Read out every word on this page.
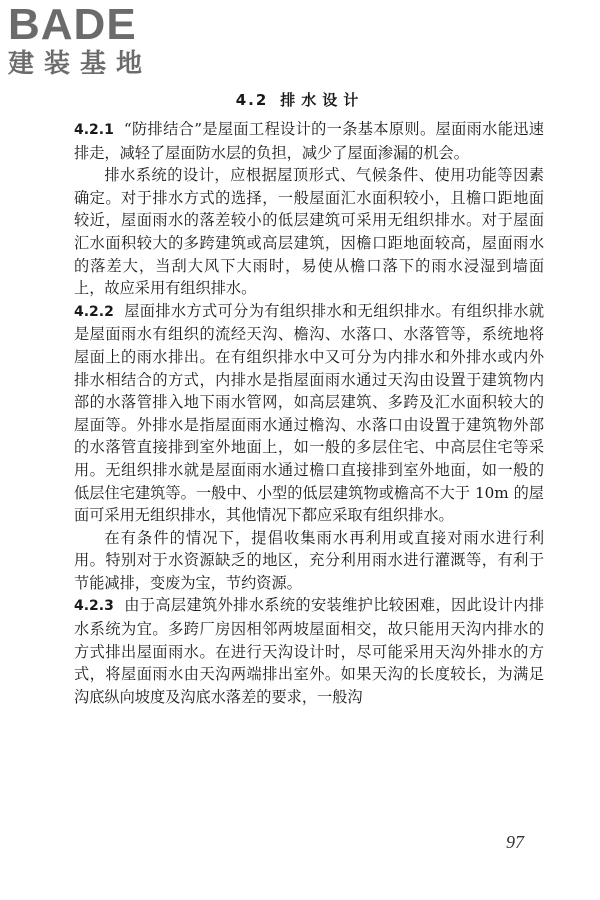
BADE
建装基地
4.2 排水设计

4.2.1 “防排结合”是屋面工程设计的一条基本原则。屋面雨水能迅速排走，减轻了屋面防水层的负担，减少了屋面渗漏的机会。

排水系统的设计，应根据屋顶形式、气候条件、使用功能等因素确定。对于排水方式的选择，一般屋面汇水面积较小，且檐口距地面较近，屋面雨水的落差较小的低层建筑可采用无组织排水。对于屋面汇水面积较大的多跨建筑或高层建筑，因檐口距地面较高，屋面雨水的落差大，当刮大风下大雨时，易使从檐口落下的雨水浸湿到墙面上，故应采用有组织排水。

4.2.2 屋面排水方式可分为有组织排水和无组织排水。有组织排水就是屋面雨水有组织的流经天沟、檐沟、水落口、水落管等，系统地将屋面上的雨水排出。在有组织排水中又可分为内排水和外排水或内外排水相结合的方式，内排水是指屋面雨水通过天沟由设置于建筑物内部的水落管排入地下雨水管网，如高层建筑、多跨及汇水面积较大的屋面等。外排水是指屋面雨水通过檐沟、水落口由设置于建筑物外部的水落管直接排到室外地面上，如一般的多层住宅、中高层住宅等采用。无组织排水就是屋面雨水通过檐口直接排到室外地面，如一般的低层住宅建筑等。一般中、小型的低层建筑物或檐高不大于 10m 的屋面可采用无组织排水，其他情况下都应采取有组织排水。

在有条件的情况下，提倡收集雨水再利用或直接对雨水进行利用。特别对于水资源缺乏的地区，充分利用雨水进行灌溉等，有利于节能减排，变废为宝，节约资源。

4.2.3 由于高层建筑外排水系统的安装维护比较困难，因此设计内排水系统为宜。多跨厂房因相邻两坡屋面相交，故只能用天沟内排水的方式排出屋面雨水。在进行天沟设计时，尽可能采用天沟外排水的方式，将屋面雨水由天沟两端排出室外。如果天沟的长度较长，为满足沟底纵向坡度及沟底水落差的要求，一般沟

97
